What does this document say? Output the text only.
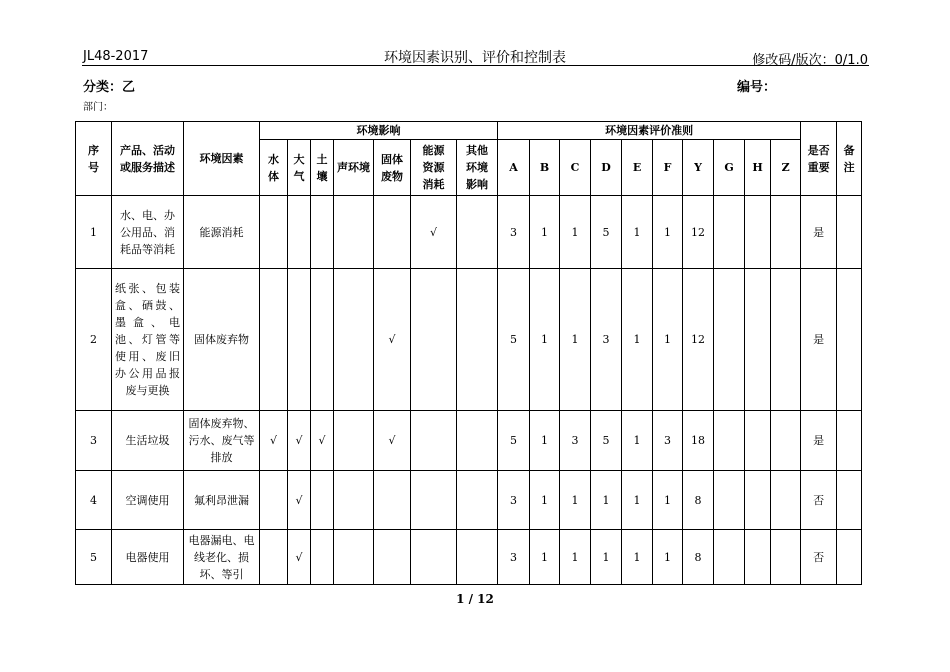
JL48-2017	环境因素识别、评价和控制表	修改码/版次：0/1.0
分类：乙	编号：
部门：
序号	产品、活动或服务描述	环境因素	环境影响							环境因素评价准则										是否重要	备注

			水体	大气	土壤	声环境	固体废物	能源资源消耗	其他环境影响	A	B	C	D	E	F	Y	G	H	Z		
1	水、电、办公用品、消耗品等消耗	能源消耗						√		3	1	1	5	1	1	12				是	
2	纸张、包装盒、硒鼓、墨盒、电池、灯管等使用、废旧办公用品报废与更换	固体废弃物					√			5	1	1	3	1	1	12				是	
3	生活垃圾	固体废弃物、污水、废气等排放	√	√	√		√			5	1	3	5	1	3	18				是	
4	空调使用	氟利昂泄漏		√						3	1	1	1	1	1	8				否	
5	电器使用	电器漏电、电线老化、损坏、等引		√						3	1	1	1	1	1	8				否	
1 / 12
